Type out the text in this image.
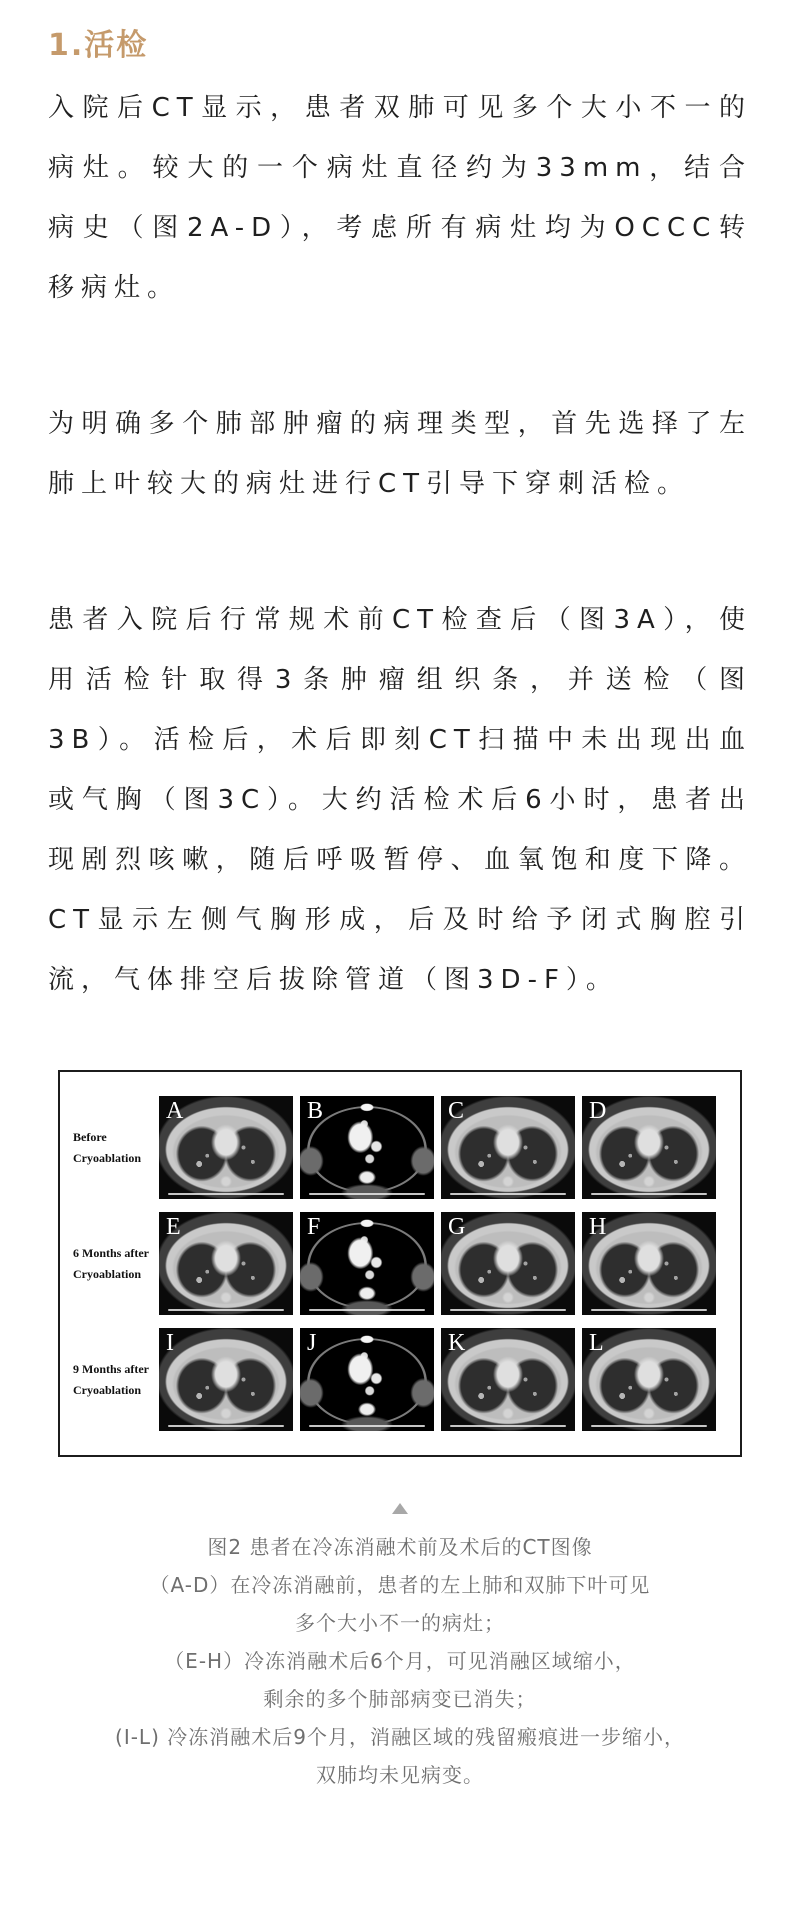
1.活检

入院后CT显示，患者双肺可见多个大小不一的病灶。较大的一个病灶直径约为33mm，结合病史（图2A-D），考虑所有病灶均为OCCC转移病灶。

为明确多个肺部肿瘤的病理类型，首先选择了左肺上叶较大的病灶进行CT引导下穿刺活检。

患者入院后行常规术前CT检查后（图3A），使用活检针取得3条肿瘤组织条，并送检（图3B）。活检后，术后即刻CT扫描中未出现出血或气胸（图3C）。大约活检术后6小时，患者出现剧烈咳嗽，随后呼吸暂停、血氧饱和度下降。CT显示左侧气胸形成，后及时给予闭式胸腔引流，气体排空后拔除管道（图3D-F）。

Before
Cryoablation
A	B	C	D
6 Months after
Cryoablation
E	F	G	H
9 Months after
Cryoablation
I	J	K	L
图2 患者在冷冻消融术前及术后的CT图像
（A-D）在冷冻消融前，患者的左上肺和双肺下叶可见
多个大小不一的病灶；
（E-H）冷冻消融术后6个月，可见消融区域缩小，
剩余的多个肺部病变已消失；
(I-L) 冷冻消融术后9个月，消融区域的残留瘢痕进一步缩小，
双肺均未见病变。
